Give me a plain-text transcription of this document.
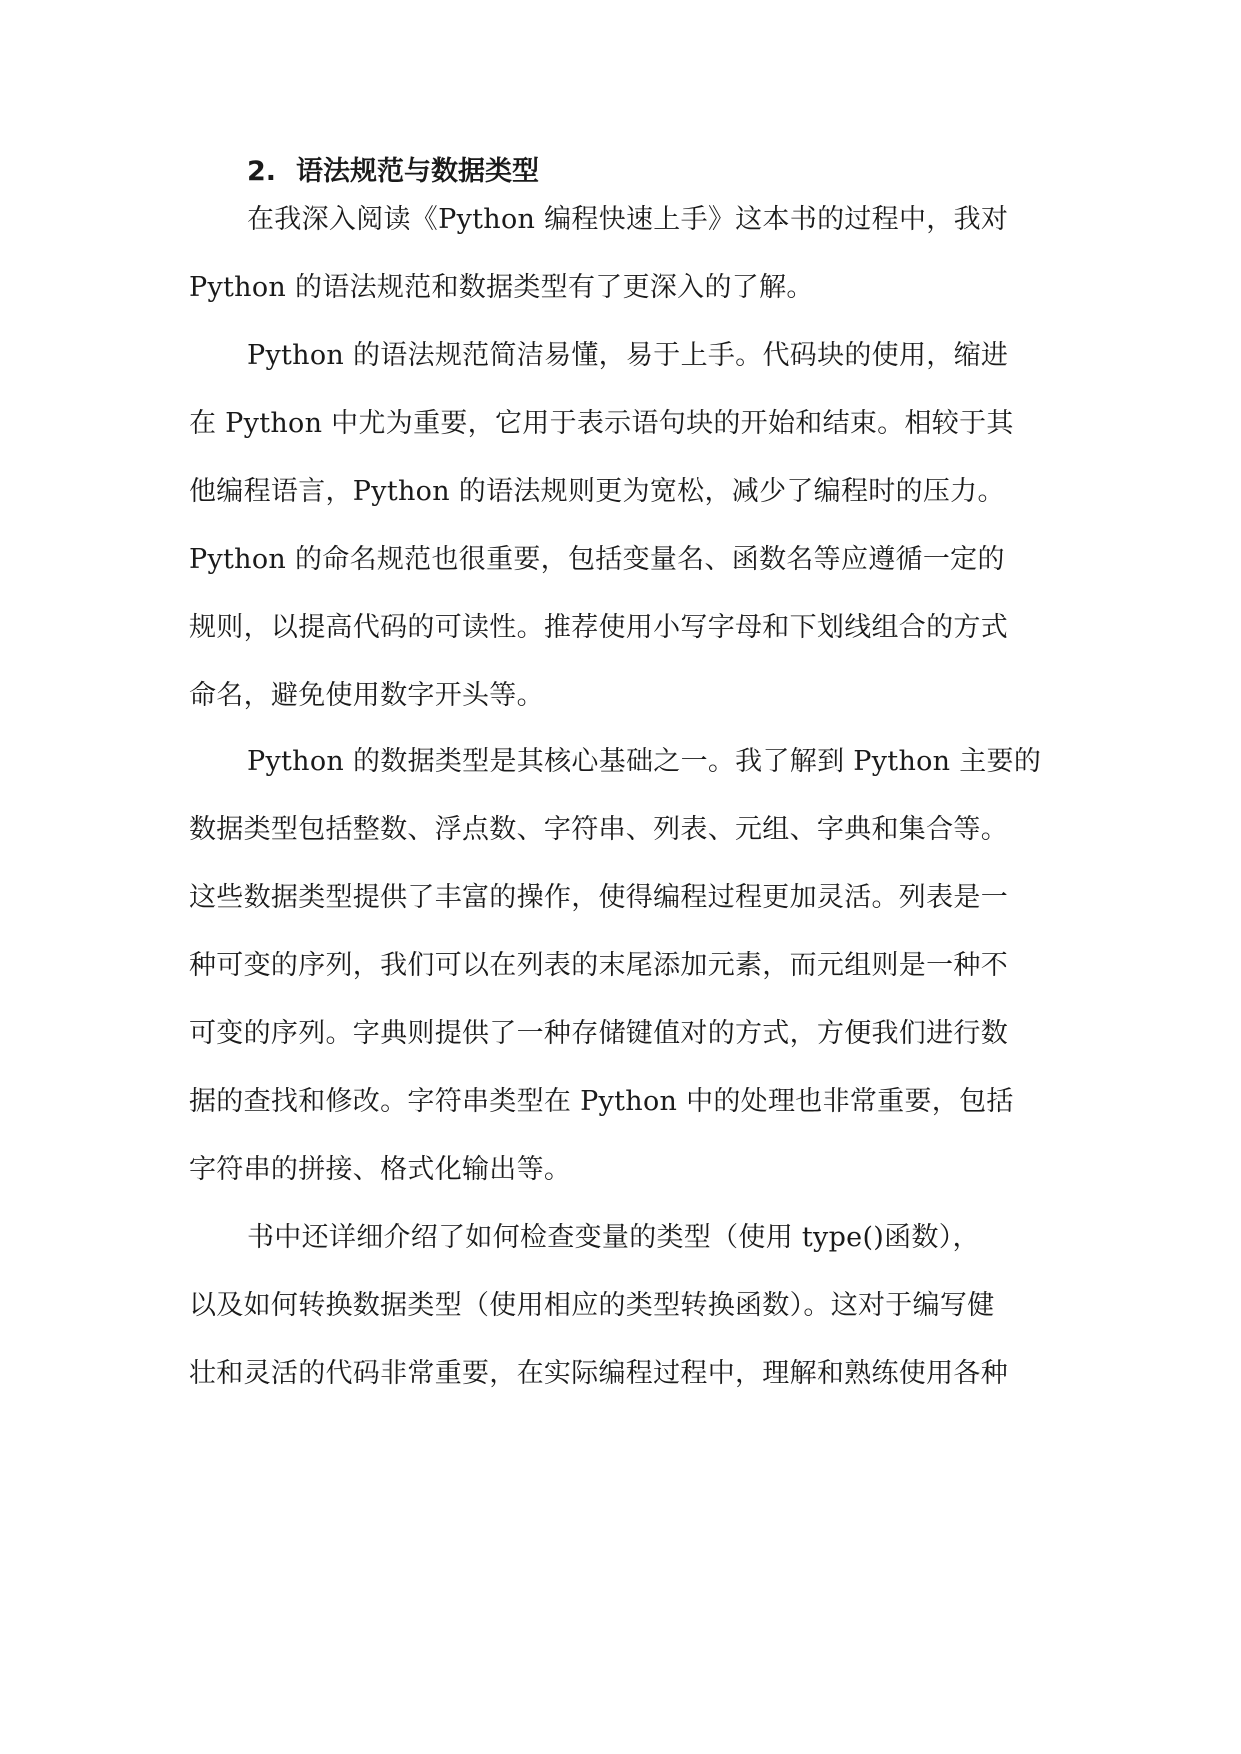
2. 语法规范与数据类型
在我深入阅读《Python 编程快速上手》这本书的过程中，我对
Python 的语法规范和数据类型有了更深入的了解。
Python 的语法规范简洁易懂，易于上手。代码块的使用，缩进
在 Python 中尤为重要，它用于表示语句块的开始和结束。相较于其
他编程语言，Python 的语法规则更为宽松，减少了编程时的压力。
Python 的命名规范也很重要，包括变量名、函数名等应遵循一定的
规则，以提高代码的可读性。推荐使用小写字母和下划线组合的方式
命名，避免使用数字开头等。
Python 的数据类型是其核心基础之一。我了解到 Python 主要的
数据类型包括整数、浮点数、字符串、列表、元组、字典和集合等。
这些数据类型提供了丰富的操作，使得编程过程更加灵活。列表是一
种可变的序列，我们可以在列表的末尾添加元素，而元组则是一种不
可变的序列。字典则提供了一种存储键值对的方式，方便我们进行数
据的查找和修改。字符串类型在 Python 中的处理也非常重要，包括
字符串的拼接、格式化输出等。
书中还详细介绍了如何检查变量的类型（使用 type()函数），
以及如何转换数据类型（使用相应的类型转换函数）。这对于编写健
壮和灵活的代码非常重要，在实际编程过程中，理解和熟练使用各种
